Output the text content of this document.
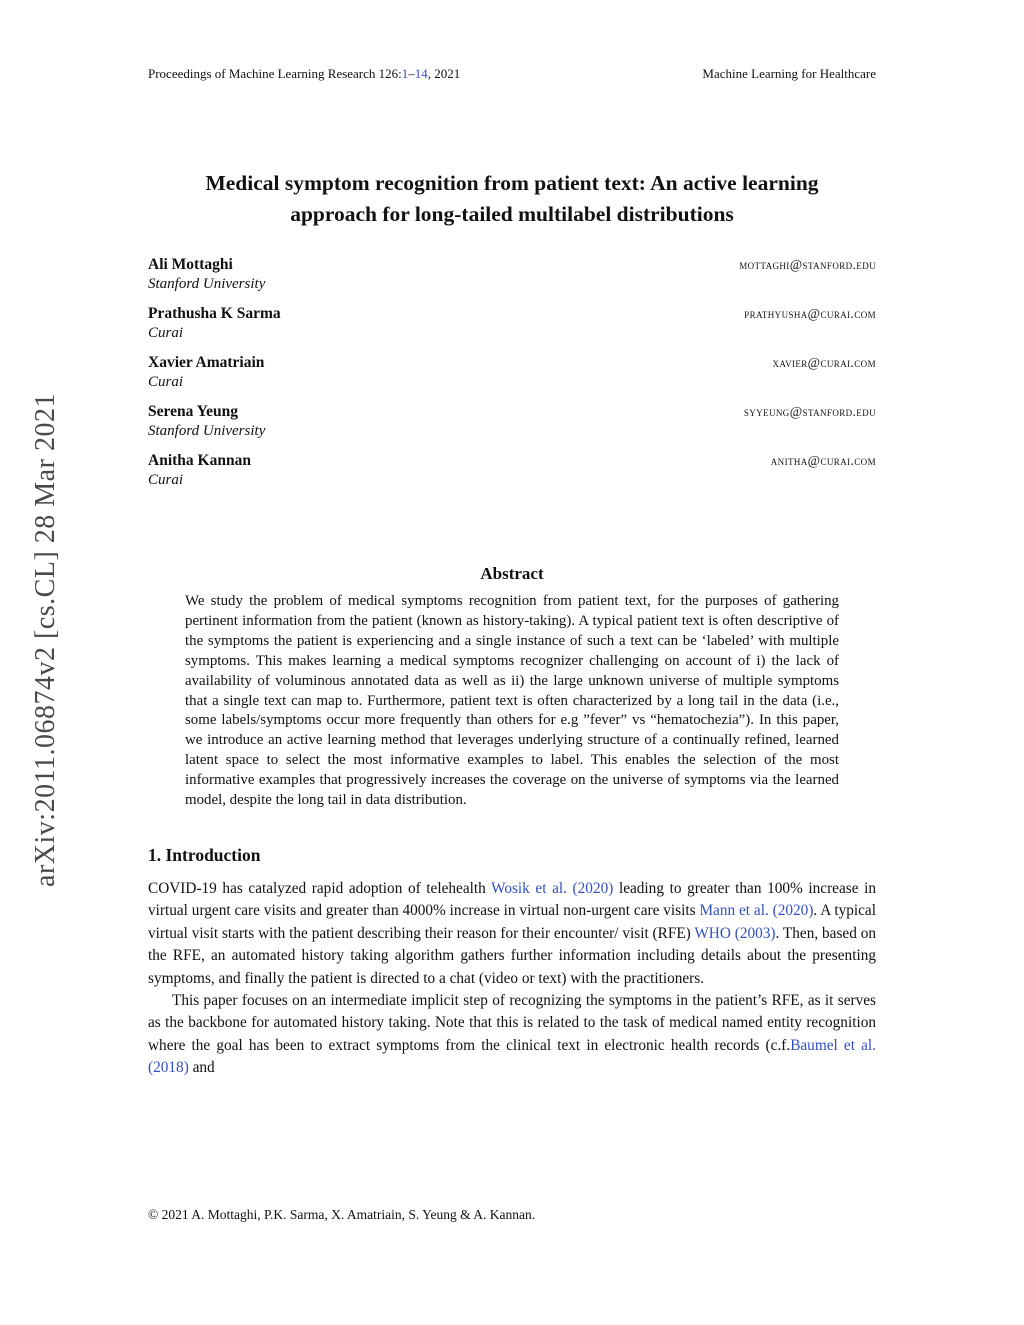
arXiv:2011.06874v2 [cs.CL] 28 Mar 2021
Proceedings of Machine Learning Research 126:1–14, 2021	Machine Learning for Healthcare
Medical symptom recognition from patient text: An active learning approach for long-tailed multilabel distributions
Ali Mottaghi	mottaghi@stanford.edu
Stanford University
Prathusha K Sarma	prathyusha@curai.com
Curai
Xavier Amatriain	xavier@curai.com
Curai
Serena Yeung	syyeung@stanford.edu
Stanford University
Anitha Kannan	anitha@curai.com
Curai
Abstract

We study the problem of medical symptoms recognition from patient text, for the purposes of gathering pertinent information from the patient (known as history-taking). A typical patient text is often descriptive of the symptoms the patient is experiencing and a single instance of such a text can be ‘labeled’ with multiple symptoms. This makes learning a medical symptoms recognizer challenging on account of i) the lack of availability of voluminous annotated data as well as ii) the large unknown universe of multiple symptoms that a single text can map to. Furthermore, patient text is often characterized by a long tail in the data (i.e., some labels/symptoms occur more frequently than others for e.g ”fever” vs “hematochezia”). In this paper, we introduce an active learning method that leverages underlying structure of a continually refined, learned latent space to select the most informative examples to label. This enables the selection of the most informative examples that progressively increases the coverage on the universe of symptoms via the learned model, despite the long tail in data distribution.

1. Introduction

COVID-19 has catalyzed rapid adoption of telehealth Wosik et al. (2020) leading to greater than 100% increase in virtual urgent care visits and greater than 4000% increase in virtual non-urgent care visits Mann et al. (2020). A typical virtual visit starts with the patient describing their reason for their encounter/ visit (RFE) WHO (2003). Then, based on the RFE, an automated history taking algorithm gathers further information including details about the presenting symptoms, and finally the patient is directed to a chat (video or text) with the practitioners.

This paper focuses on an intermediate implicit step of recognizing the symptoms in the patient’s RFE, as it serves as the backbone for automated history taking. Note that this is related to the task of medical named entity recognition where the goal has been to extract symptoms from the clinical text in electronic health records (c.f.Baumel et al. (2018) and

© 2021 A. Mottaghi, P.K. Sarma, X. Amatriain, S. Yeung & A. Kannan.
